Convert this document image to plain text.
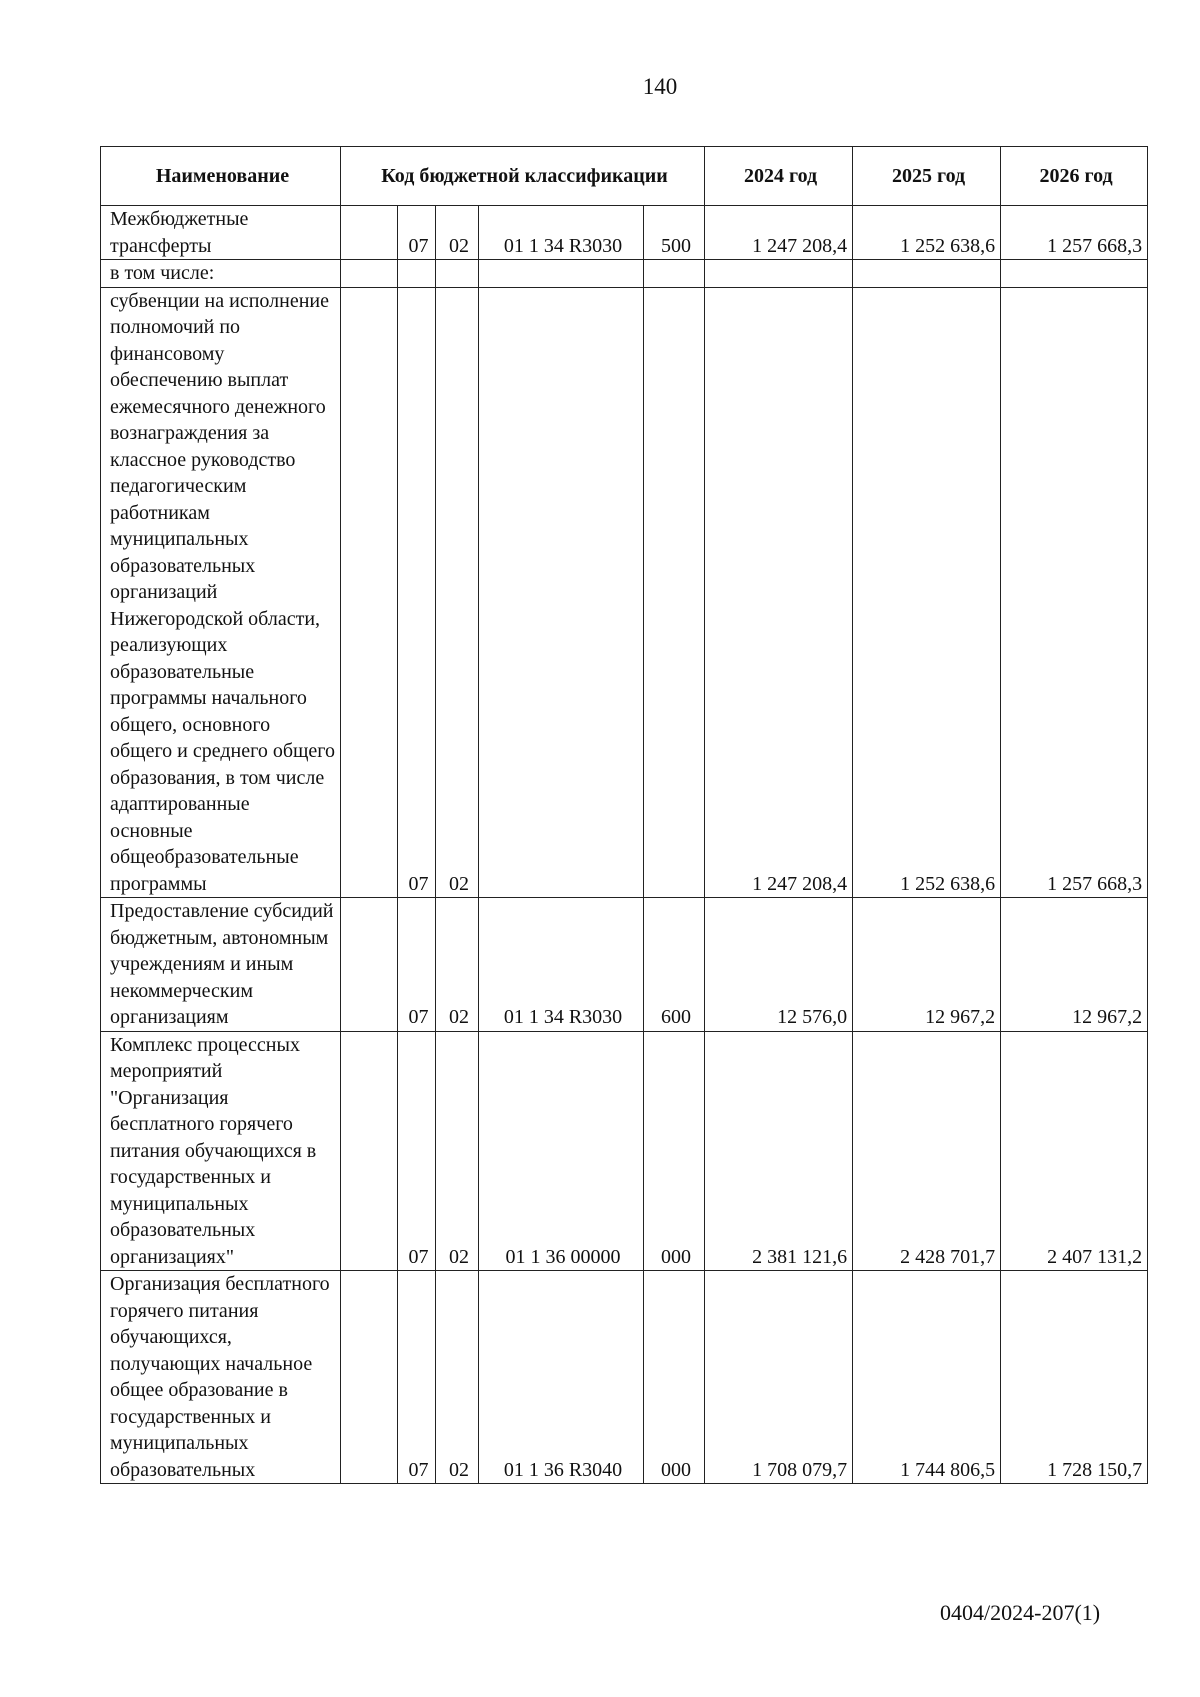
140
Наименование	Код бюджетной классификации					2024 год	2025 год	2026 год
Межбюджетные трансферты		07	02	01 1 34 R3030	500	1 247 208,4	1 252 638,6	1 257 668,3
в том числе:								
субвенции на исполнение полномочий по финансовому обеспечению выплат ежемесячного денежного вознаграждения за классное руководство педагогическим работникам муниципальных образовательных организаций Нижегородской области, реализующих образовательные программы начального общего, основного общего и среднего общего образования, в том числе адаптированные основные общеобразовательные программы		07	02			1 247 208,4	1 252 638,6	1 257 668,3
Предоставление субсидий бюджетным, автономным учреждениям и иным некоммерческим организациям		07	02	01 1 34 R3030	600	12 576,0	12 967,2	12 967,2
Комплекс процессных мероприятий "Организация бесплатного горячего питания обучающихся в государственных и муниципальных образовательных организациях"		07	02	01 1 36 00000	000	2 381 121,6	2 428 701,7	2 407 131,2
Организация бесплатного горячего питания обучающихся, получающих начальное общее образование в государственных и муниципальных образовательных		07	02	01 1 36 R3040	000	1 708 079,7	1 744 806,5	1 728 150,7
0404/2024-207(1)
